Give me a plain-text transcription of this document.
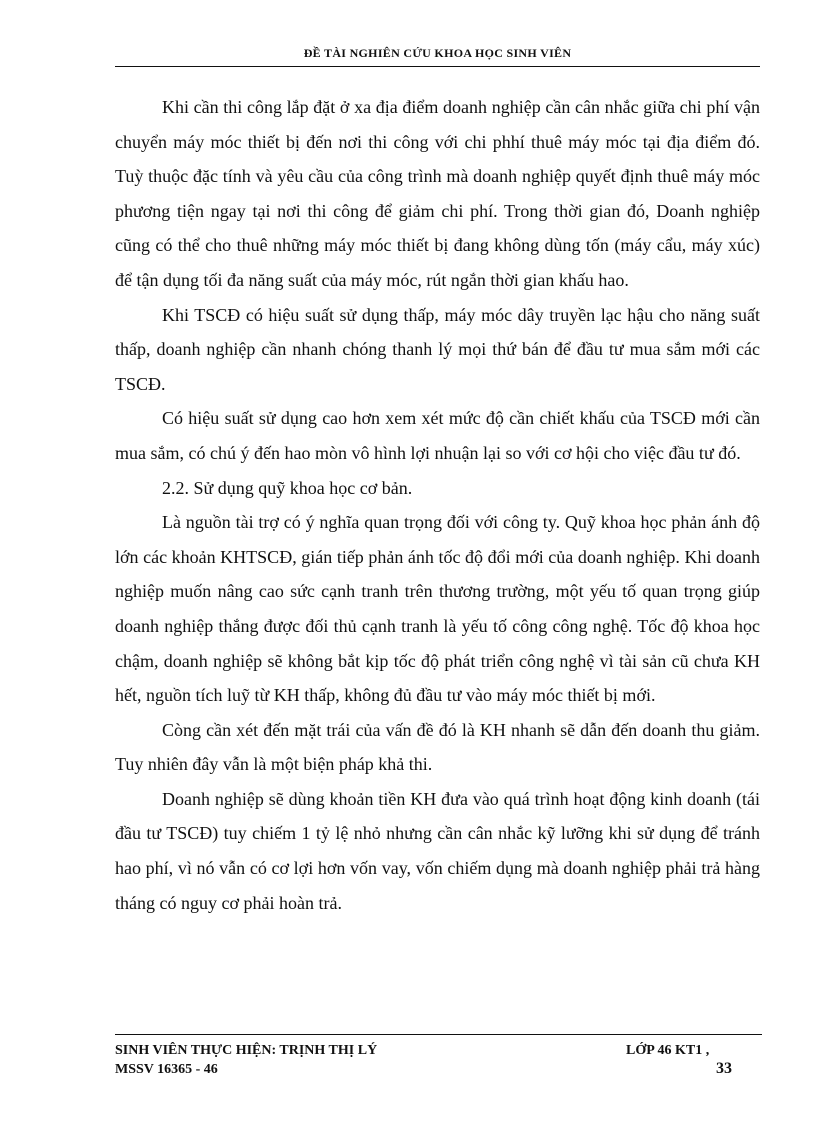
ĐỀ TÀI NGHIÊN CỨU KHOA HỌC SINH VIÊN

Khi cần thi công lắp đặt ở xa địa điểm doanh nghiệp cần cân nhắc giữa chi phí vận chuyển máy móc thiết bị đến nơi thi công với chi phhí thuê máy móc tại địa điểm đó. Tuỳ thuộc đặc tính và yêu cầu của công trình mà doanh nghiệp quyết định thuê máy móc phương tiện ngay tại nơi thi công để giảm chi phí. Trong thời gian đó, Doanh nghiệp cũng có thể cho thuê những máy móc thiết bị đang không dùng tốn (máy cẩu, máy xúc) để tận dụng tối đa năng suất của máy móc, rút ngắn thời gian khấu hao.

Khi TSCĐ có hiệu suất sử dụng thấp, máy móc dây truyền lạc hậu cho năng suất thấp, doanh nghiệp cần nhanh chóng thanh lý mọi thứ bán để đầu tư mua sắm mới các TSCĐ.

Có hiệu suất sử dụng cao hơn xem xét mức độ cần chiết khấu của TSCĐ mới cần mua sắm, có chú ý đến hao mòn vô hình lợi nhuận lại so với cơ hội cho việc đầu tư đó.

2.2. Sử dụng quỹ khoa học cơ bản.

Là nguồn tài trợ có ý nghĩa quan trọng đối với công ty. Quỹ khoa học phản ánh độ lớn các khoản KHTSCĐ, gián tiếp phản ánh tốc độ đổi mới của doanh nghiệp. Khi doanh nghiệp muốn nâng cao sức cạnh tranh trên thương trường, một yếu tố quan trọng giúp doanh nghiệp thắng được đối thủ cạnh tranh là yếu tố công công nghệ. Tốc độ khoa học chậm, doanh nghiệp sẽ không bắt kịp tốc độ phát triển công nghệ vì tài sản cũ chưa KH hết, nguồn tích luỹ từ KH thấp, không đủ đầu tư vào máy móc thiết bị mới.

Còng cần xét đến mặt trái của vấn đề đó là KH nhanh sẽ dẫn đến doanh thu giảm. Tuy nhiên đây vẫn là một biện pháp khả thi.

Doanh nghiệp sẽ dùng khoản tiền KH đưa vào quá trình hoạt động kinh doanh (tái đầu tư TSCĐ) tuy chiếm 1 tỷ lệ nhỏ nhưng cần cân nhắc kỹ lưỡng khi sử dụng để tránh hao phí, vì nó vẫn có cơ lợi hơn vốn vay, vốn chiếm dụng mà doanh nghiệp phải trả hàng tháng có nguy cơ phải hoàn trả.

SINH VIÊN THỰC HIỆN: TRỊNH THỊ LÝ
MSSV 16365 - 46
LỚP 46 KT1 ,
33
